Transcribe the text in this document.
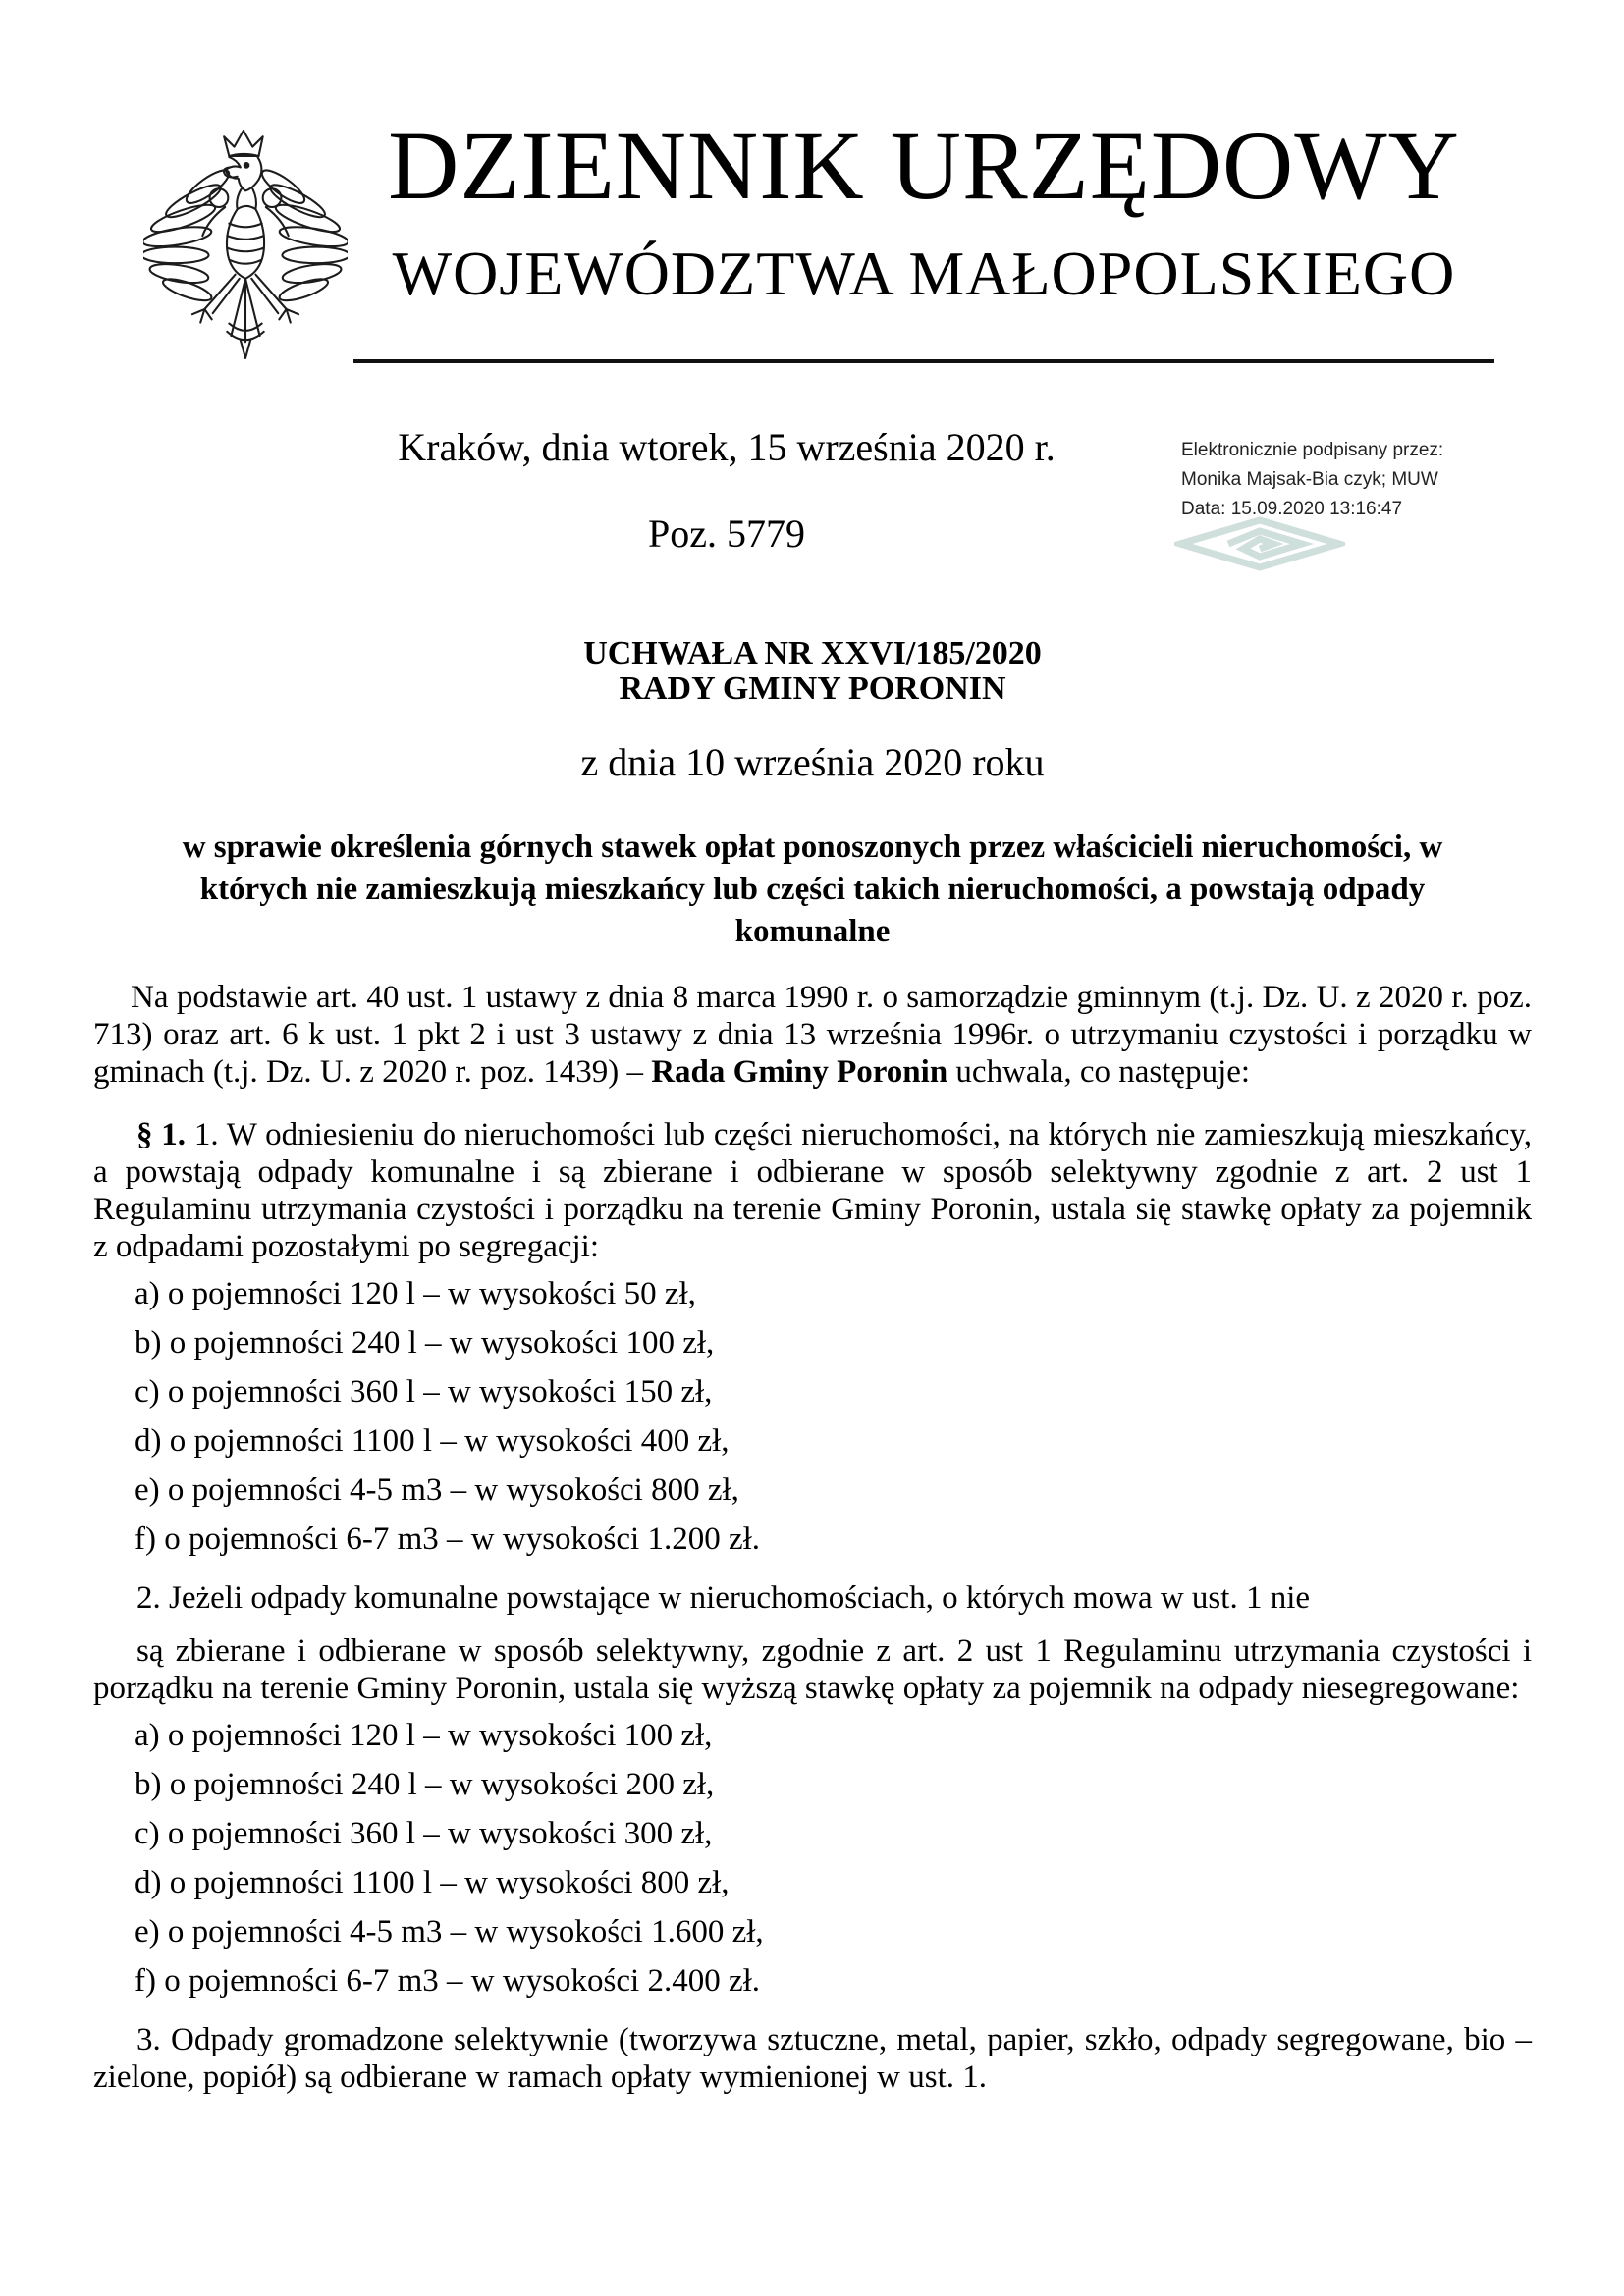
DZIENNIK URZĘDOWY
WOJEWÓDZTWA MAŁOPOLSKIEGO
Kraków, dnia wtorek, 15 września 2020 r.
Poz. 5779
Elektronicznie podpisany przez:
Monika Majsak-Bia czyk; MUW
Data: 15.09.2020 13:16:47
UCHWAŁA NR XXVI/185/2020
RADY GMINY PORONIN
z dnia 10 września 2020 roku
w sprawie określenia górnych stawek opłat ponoszonych przez właścicieli nieruchomości, w których nie zamieszkują mieszkańcy lub części takich nieruchomości, a powstają odpady komunalne

Na podstawie art. 40 ust. 1 ustawy z dnia 8 marca 1990 r. o samorządzie gminnym (t.j. Dz. U. z 2020 r. poz. 713) oraz art. 6 k ust. 1 pkt 2 i ust 3 ustawy z dnia 13 września 1996r. o utrzymaniu czystości i porządku w gminach (t.j. Dz. U. z 2020 r. poz. 1439) – Rada Gminy Poronin uchwala, co następuje:

§ 1. 1. W odniesieniu do nieruchomości lub części nieruchomości, na których nie zamieszkują mieszkańcy, a powstają odpady komunalne i są zbierane i odbierane w sposób selektywny zgodnie z art. 2 ust 1 Regulaminu utrzymania czystości i porządku na terenie Gminy Poronin, ustala się stawkę opłaty za pojemnik z odpadami pozostałymi po segregacji:

a) o pojemności 120 l – w wysokości 50 zł,

b) o pojemności 240 l – w wysokości 100 zł,

c) o pojemności 360 l – w wysokości 150 zł,

d) o pojemności 1100 l – w wysokości 400 zł,

e) o pojemności 4-5 m3 – w wysokości 800 zł,

f) o pojemności 6-7 m3 – w wysokości 1.200 zł.

2. Jeżeli odpady komunalne powstające w nieruchomościach, o których mowa w ust. 1 nie

są zbierane i odbierane w sposób selektywny, zgodnie z art. 2 ust 1 Regulaminu utrzymania czystości i porządku na terenie Gminy Poronin, ustala się wyższą stawkę opłaty za pojemnik na odpady niesegregowane:

a) o pojemności 120 l – w wysokości 100 zł,

b) o pojemności 240 l – w wysokości 200 zł,

c) o pojemności 360 l – w wysokości 300 zł,

d) o pojemności 1100 l – w wysokości 800 zł,

e) o pojemności 4-5 m3 – w wysokości 1.600 zł,

f) o pojemności 6-7 m3 – w wysokości 2.400 zł.

3. Odpady gromadzone selektywnie (tworzywa sztuczne, metal, papier, szkło, odpady segregowane, bio – zielone, popiół) są odbierane w ramach opłaty wymienionej w ust. 1.
